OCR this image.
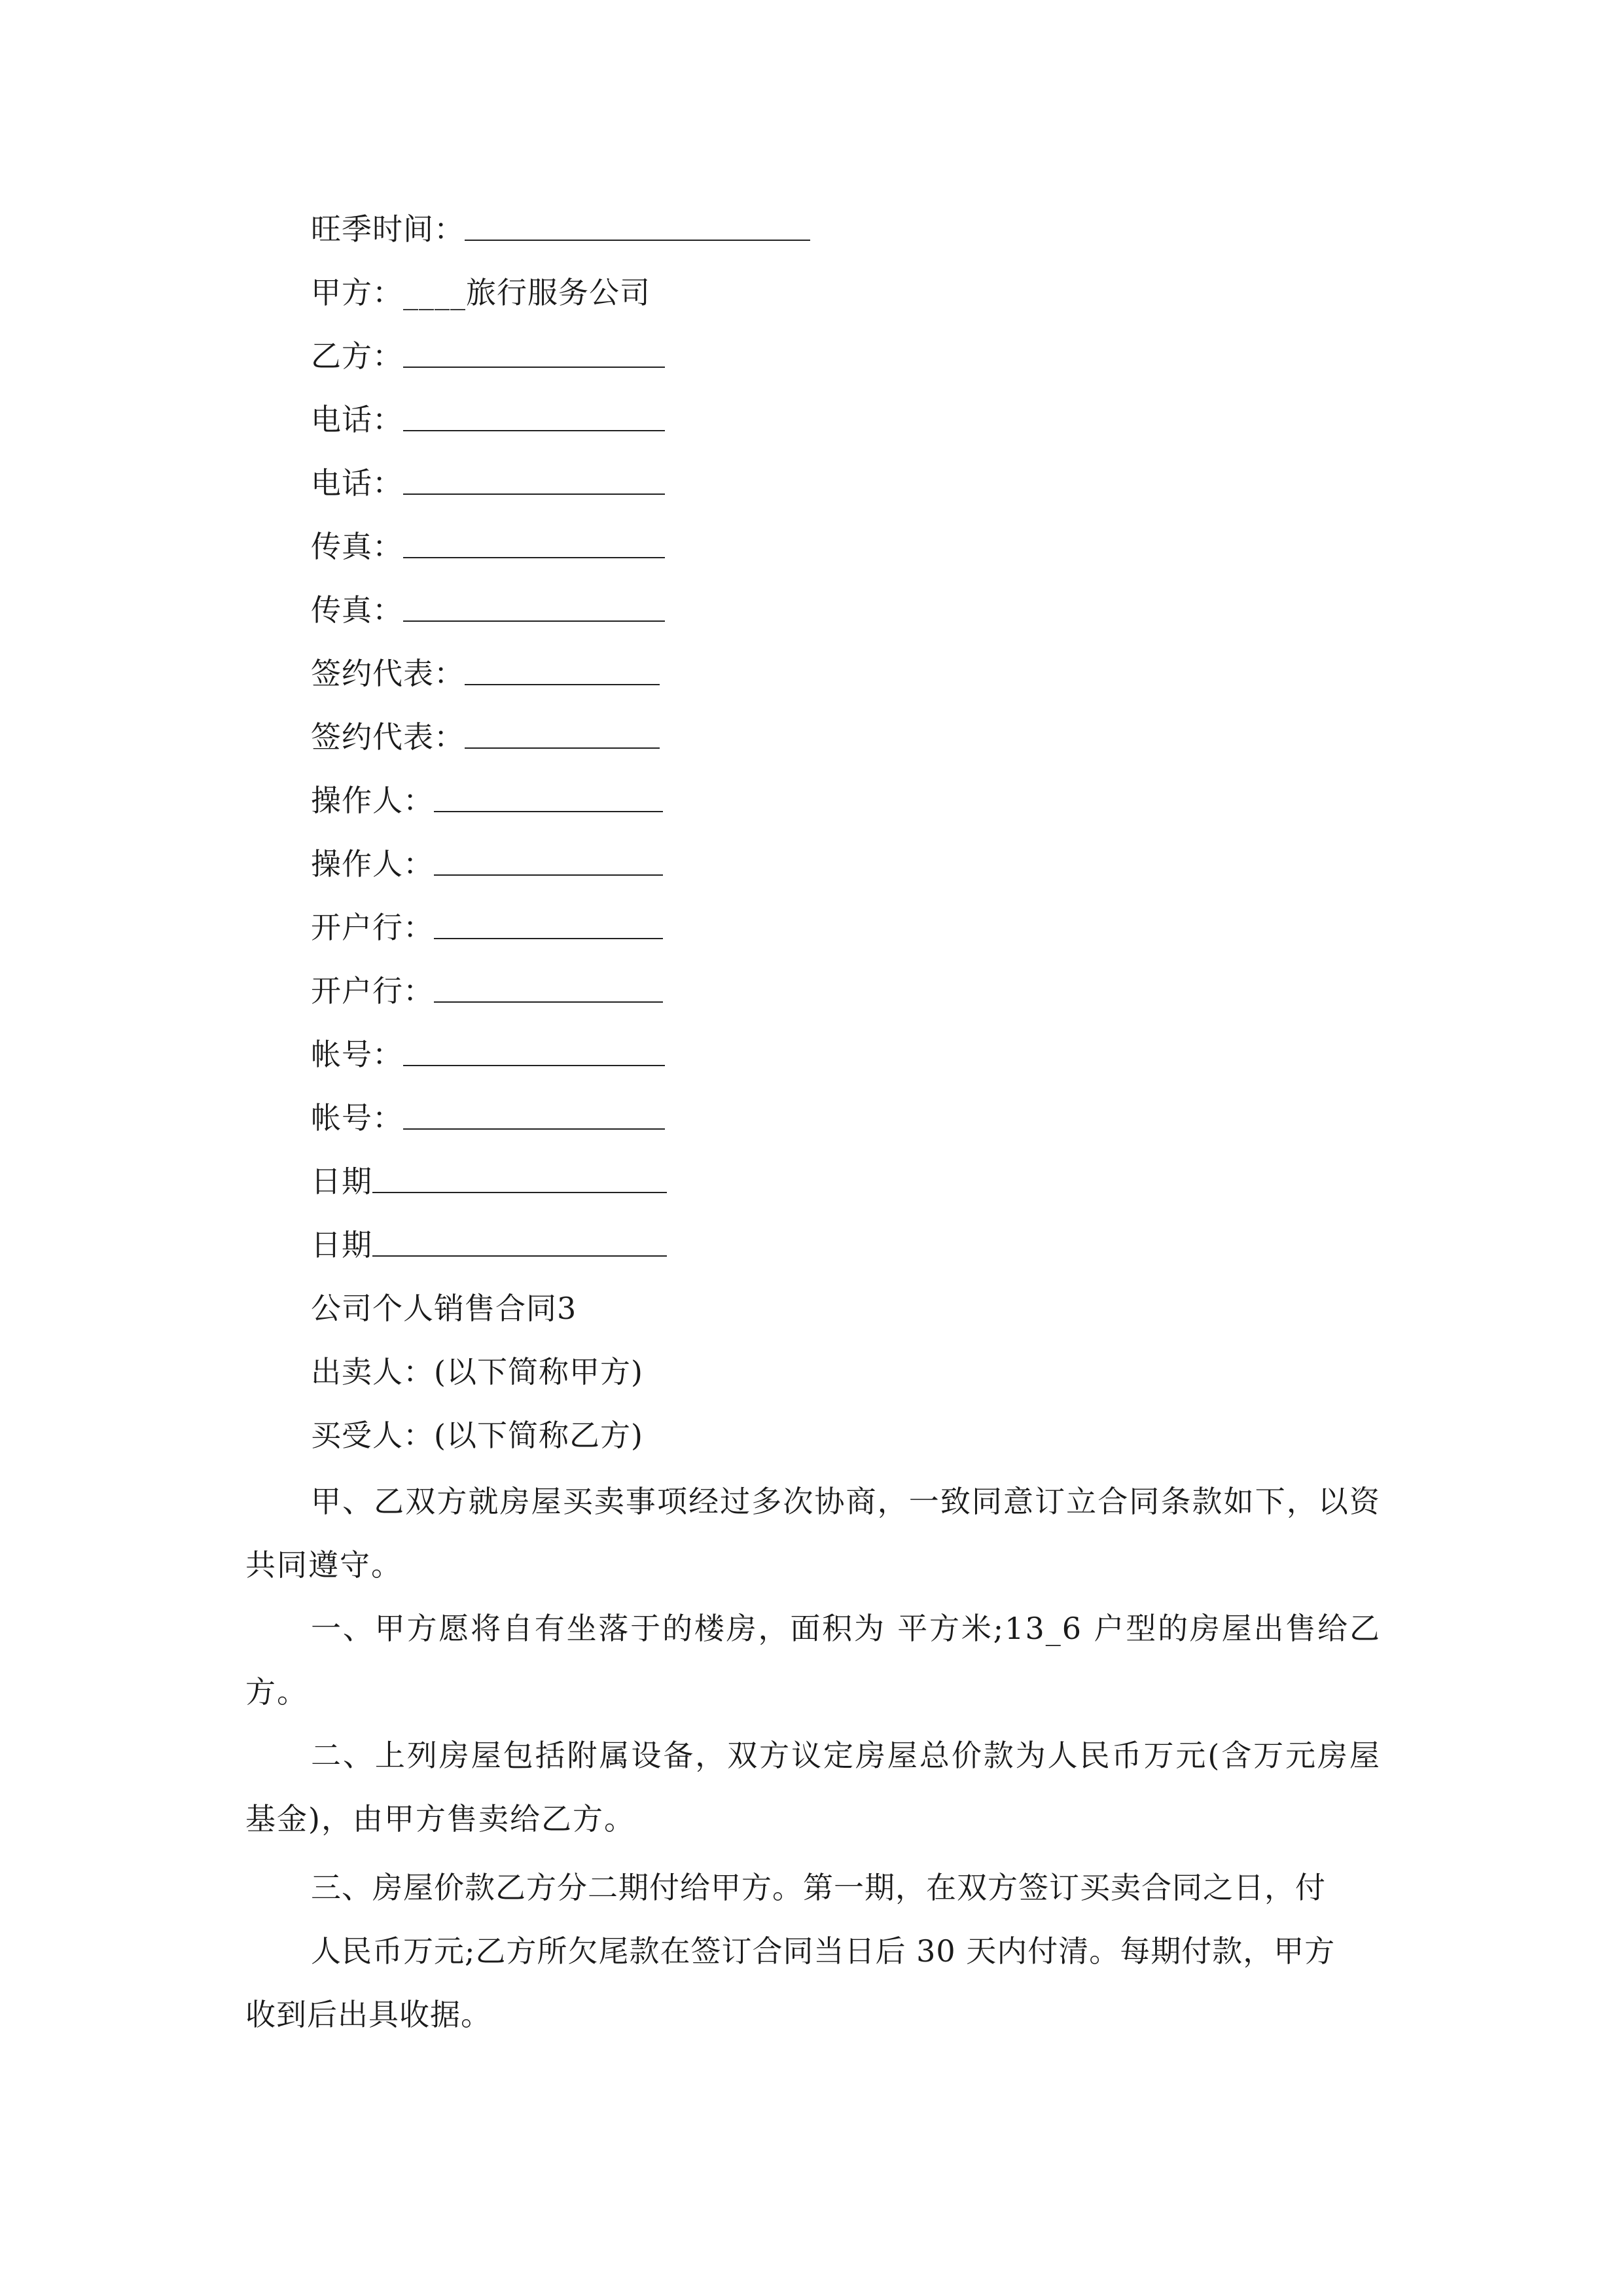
旺季时间：
甲方：____旅行服务公司
乙方：
电话：
电话：
传真：
传真：
签约代表：
签约代表：
操作人：
操作人：
开户行：
开户行：
帐号：
帐号：
日期
日期
公司个人销售合同3
出卖人：(以下简称甲方)
买受人：(以下简称乙方)
甲、乙双方就房屋买卖事项经过多次协商，一致同意订立合同条款如下，以资共同遵守。
一、甲方愿将自有坐落于的楼房，面积为 平方米;13_6 户型的房屋出售给乙方。
二、上列房屋包括附属设备，双方议定房屋总价款为人民币万元(含万元房屋基金)，由甲方售卖给乙方。
三、房屋价款乙方分二期付给甲方。第一期，在双方签订买卖合同之日，付
人民币万元;乙方所欠尾款在签订合同当日后 30 天内付清。每期付款，甲方
收到后出具收据。
